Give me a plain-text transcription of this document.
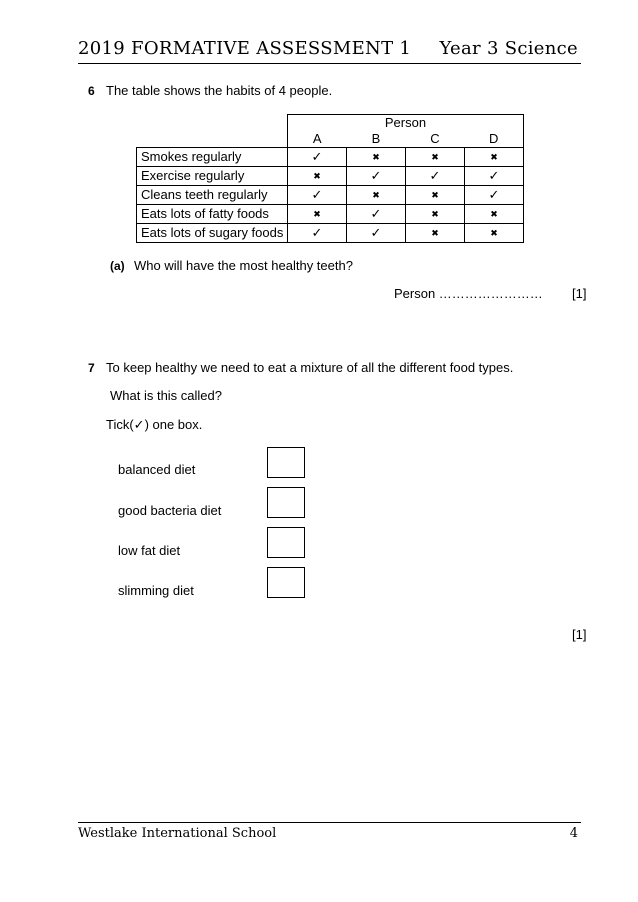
2019 FORMATIVE ASSESSMENT 1 Year 3 Science
6 The table shows the habits of 4 people.
	Person			
	A	B	C	D
Smokes regularly	✓	✖	✖	✖
Exercise regularly	✖	✓	✓	✓
Cleans teeth regularly	✓	✖	✖	✓
Eats lots of fatty foods	✖	✓	✖	✖
Eats lots of sugary foods	✓	✓	✖	✖
(a) Who will have the most healthy teeth?
Person …………………… [1]
7 To keep healthy we need to eat a mixture of all the different food types.
What is this called?
Tick(✓) one box.
balanced diet
good bacteria diet
low fat diet
slimming diet
[1]
Westlake International School	4
